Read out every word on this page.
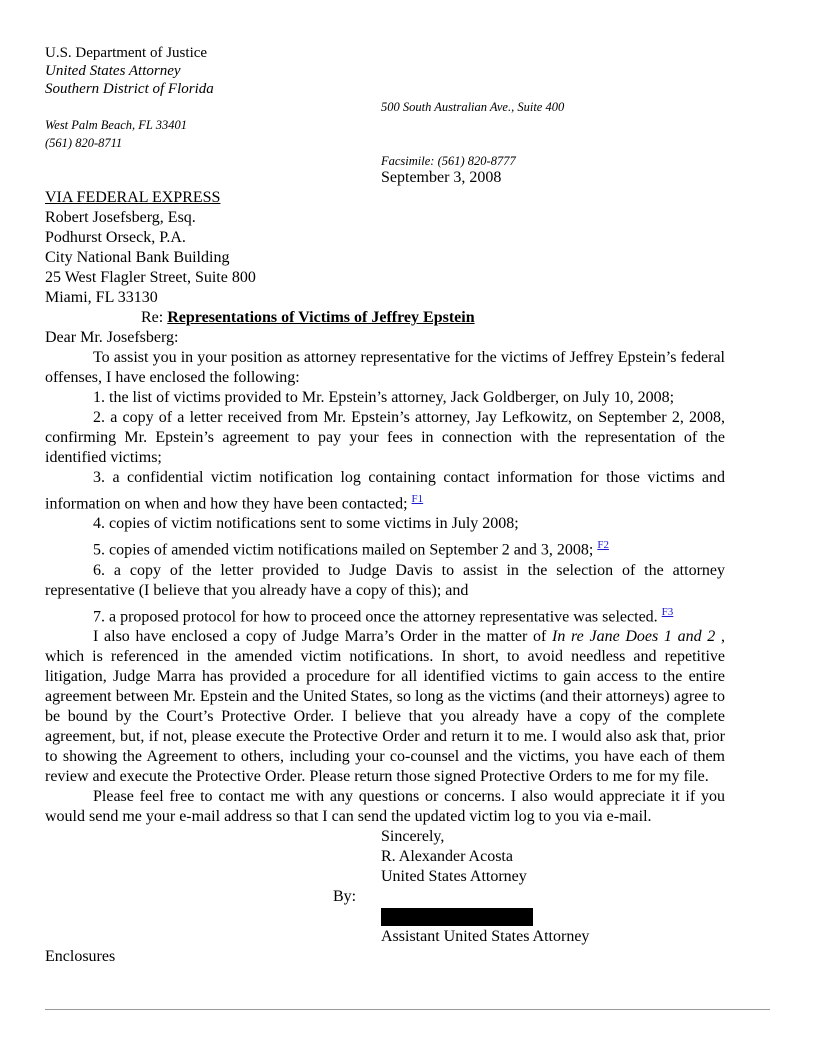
U.S. Department of Justice
United States Attorney
Southern District of Florida
500 South Australian Ave., Suite 400
West Palm Beach, FL 33401
(561) 820-8711
Facsimile: (561) 820-8777
September 3, 2008
VIA FEDERAL EXPRESS
Robert Josefsberg, Esq.
Podhurst Orseck, P.A.
City National Bank Building
25 West Flagler Street, Suite 800
Miami, FL 33130
Re: Representations of Victims of Jeffrey Epstein
Dear Mr. Josefsberg:
To assist you in your position as attorney representative for the victims of Jeffrey Epstein’s federal offenses, I have enclosed the following:
1. the list of victims provided to Mr. Epstein’s attorney, Jack Goldberger, on July 10, 2008;
2. a copy of a letter received from Mr. Epstein’s attorney, Jay Lefkowitz, on September 2, 2008, confirming Mr. Epstein’s agreement to pay your fees in connection with the representation of the identified victims;
3. a confidential victim notification log containing contact information for those victims and information on when and how they have been contacted; $^{F1}$
4. copies of victim notifications sent to some victims in July 2008;
5. copies of amended victim notifications mailed on September 2 and 3, 2008; $^{F2}$
6. a copy of the letter provided to Judge Davis to assist in the selection of the attorney representative (I believe that you already have a copy of this); and
7. a proposed protocol for how to proceed once the attorney representative was selected. $^{F3}$
I also have enclosed a copy of Judge Marra’s Order in the matter of In re Jane Does 1 and 2 , which is referenced in the amended victim notifications. In short, to avoid needless and repetitive litigation, Judge Marra has provided a procedure for all identified victims to gain access to the entire agreement between Mr. Epstein and the United States, so long as the victims (and their attorneys) agree to be bound by the Court’s Protective Order. I believe that you already have a copy of the complete agreement, but, if not, please execute the Protective Order and return it to me. I would also ask that, prior to showing the Agreement to others, including your co-counsel and the victims, you have each of them review and execute the Protective Order. Please return those signed Protective Orders to me for my file.
Please feel free to contact me with any questions or concerns. I also would appreciate it if you would send me your e-mail address so that I can send the updated victim log to you via e-mail.
Sincerely,
R. Alexander Acosta
United States Attorney
By:
Assistant United States Attorney
Enclosures
